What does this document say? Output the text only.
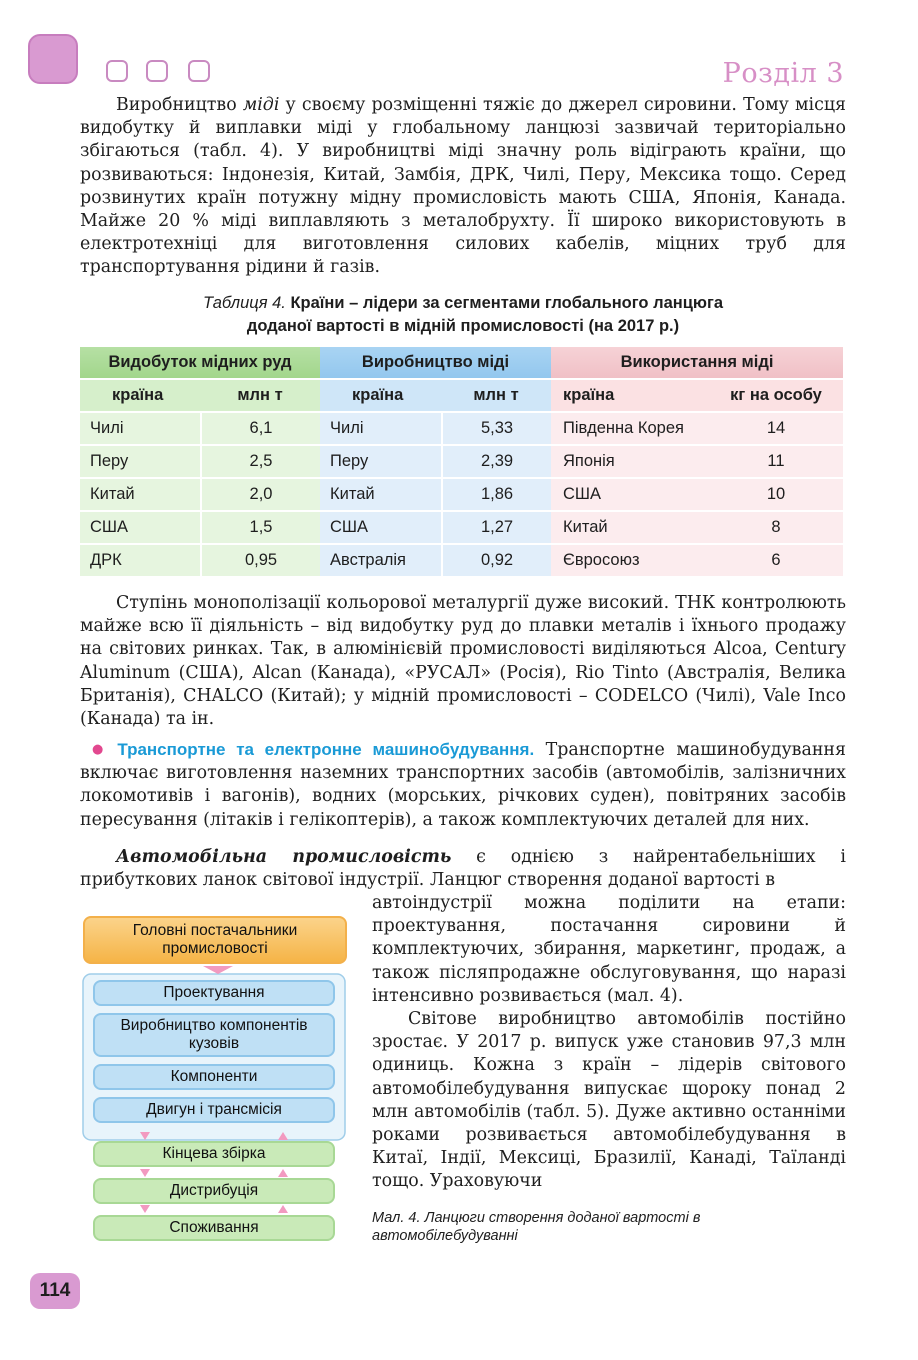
Розділ 3

Виробництво міді у своєму розміщенні тяжіє до джерел сировини. Тому місця видобутку й виплавки міді у глобальному ланцюзі зазвичай територіально збігаються (табл. 4). У виробництві міді значну роль відіграють країни, що розвиваються: Індонезія, Китай, Замбія, ДРК, Чилі, Перу, Мексика тощо. Серед розвинутих країн потужну мідну промисловість мають США, Японія, Канада. Майже 20 % міді виплавляють з металобрухту. Її широко використовують в електротехніці для виготовлення силових кабелів, міцних труб для транспортування рідини й газів.

Таблиця 4. Країни – лідери за сегментами глобального ланцюга
доданої вартості в мідній промисловості (на 2017 р.)
Видобуток мідних руд	Виробництво міді	Використання міді
країна	млн т	країна	млн т	країна	кг на особу
Чилі	6,1	Чилі	5,33	Південна Корея	14
Перу	2,5	Перу	2,39	Японія	11
Китай	2,0	Китай	1,86	США	10
США	1,5	США	1,27	Китай	8
ДРК	0,95	Австралія	0,92	Євросоюз	6

Ступінь монополізації кольорової металургії дуже високий. ТНК контролюють майже всю її діяльність – від видобутку руд до плавки металів і їхнього продажу на світових ринках. Так, в алюмінієвій промисловості виділяються Alcoa, Century Aluminum (США), Alcan (Канада), «РУСАЛ» (Росія), Rio Tinto (Австралія, Велика Британія), CHALCO (Китай); у мідній промисловості – CODELCO (Чилі), Vale Inco (Канада) та ін.

● Транспортне та електронне машинобудування. Транспортне машинобудування включає виготовлення наземних транспортних засобів (автомобілів, залізничних локомотивів і вагонів), водних (морських, річкових суден), повітряних засобів пересування (літаків і гелікоптерів), а також комплектуючих деталей для них.

Автомобільна промисловість є однією з найрентабельніших і прибуткових ланок світової індустрії. Ланцюг створення доданої вартості в

автоіндустрії можна поділити на етапи: проектування, постачання сировини й комплектуючих, збирання, маркетинг, продаж, а також післяпродажне обслуговування, що наразі інтенсивно розвивається (мал. 4).

Світове виробництво автомобілів постійно зростає. У 2017 р. випуск уже становив 97,3 млн одиниць. Кожна з країн – лідерів світового автомобілебудування випускає щороку понад 2 млн автомобілів (табл. 5). Дуже активно останніми роками розвивається автомобілебудування в Китаї, Індії, Мексиці, Бразилії, Канаді, Таїланді тощо. Ураховуючи

Головні постачальники промисловості
Проектування
Виробництво компонентів кузовів
Компоненти
Двигун і трансмісія
Кінцева збірка
Дистрибуція
Споживання
Мал. 4. Ланцюги створення доданої вартості в автомобілебудуванні
114
